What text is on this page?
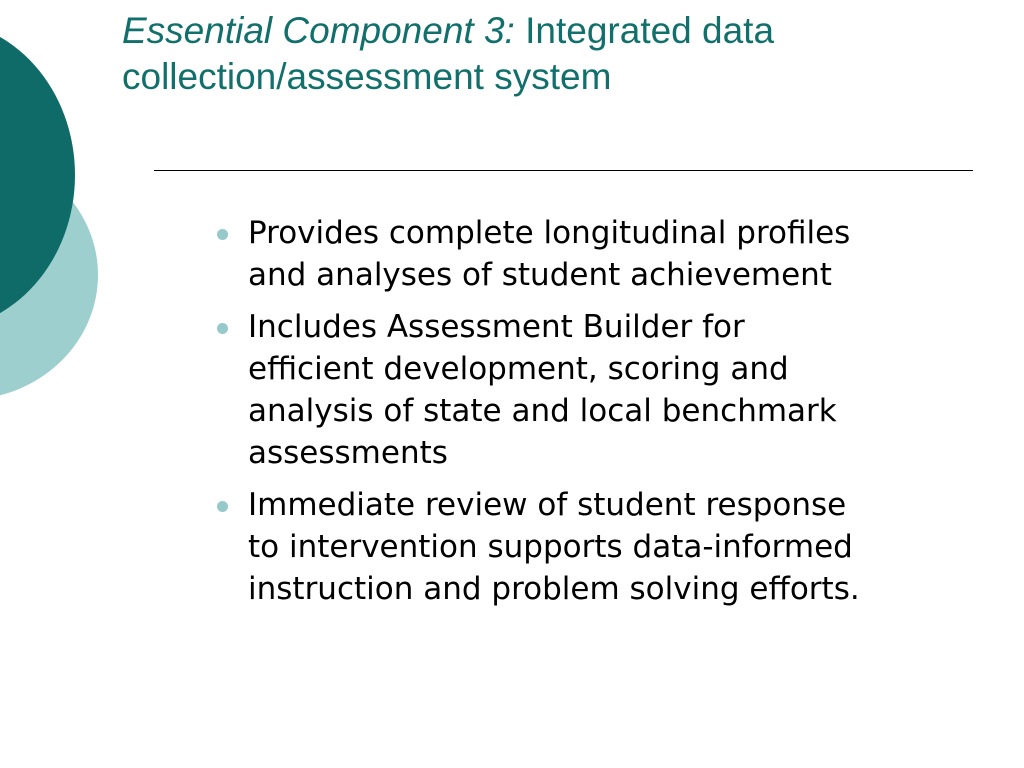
Essential Component 3: Integrated data collection/assessment system
Provides complete longitudinal profiles
and analyses of student achievement
Includes Assessment Builder for
efficient development, scoring and
analysis of state and local benchmark
assessments
Immediate review of student response
to intervention supports data-informed
instruction and problem solving efforts.
